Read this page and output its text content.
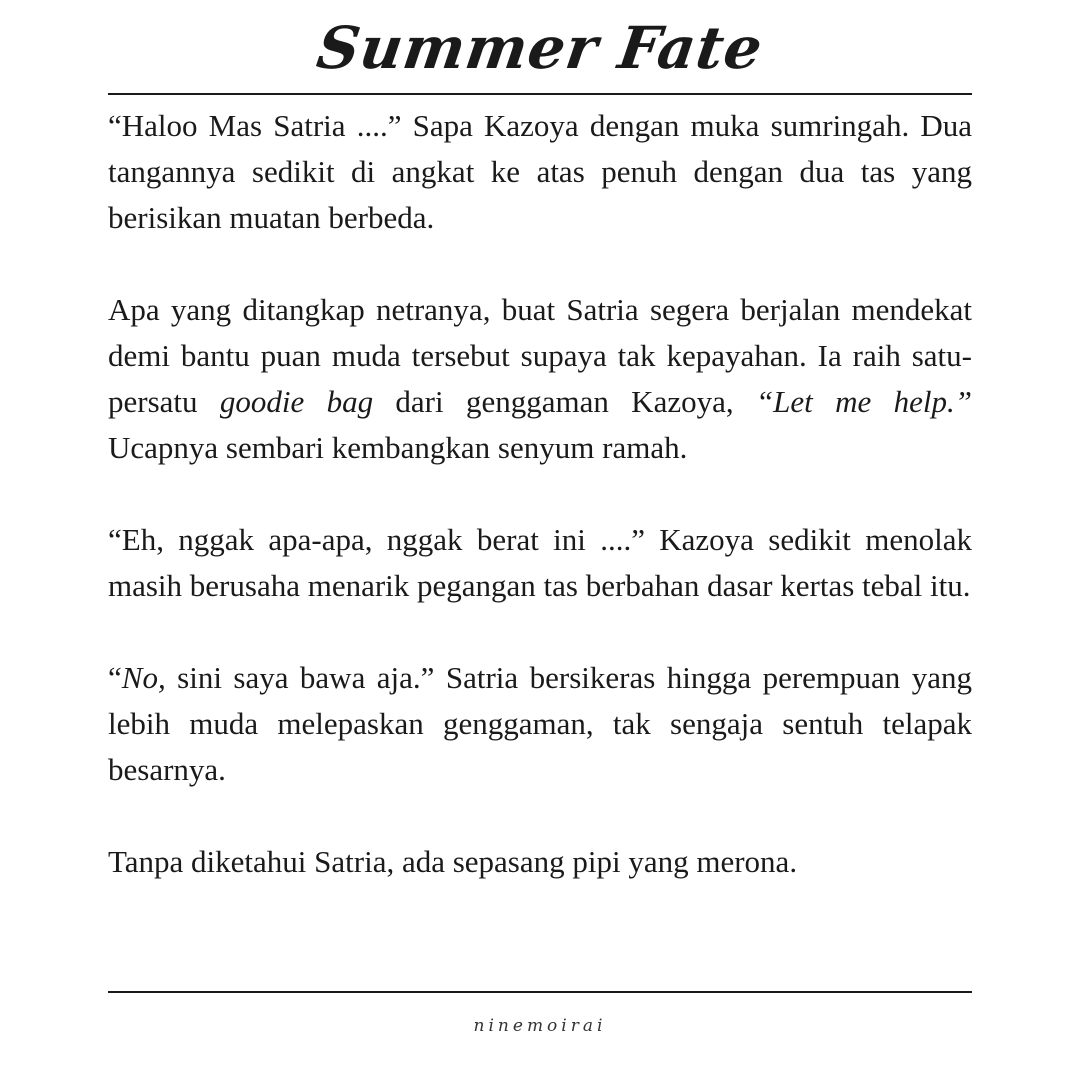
Summer Fate

“Haloo Mas Satria ....” Sapa Kazoya dengan muka sumringah. Dua tangannya sedikit di angkat ke atas penuh dengan dua tas yang berisikan muatan berbeda.

Apa yang ditangkap netranya, buat Satria segera berjalan mendekat demi bantu puan muda tersebut supaya tak kepayahan. Ia raih satu-persatu goodie bag dari genggaman Kazoya, “Let me help.” Ucapnya sembari kembangkan senyum ramah.

“Eh, nggak apa-apa, nggak berat ini ....” Kazoya sedikit menolak masih berusaha menarik pegangan tas berbahan dasar kertas tebal itu.

“No, sini saya bawa aja.” Satria bersikeras hingga perempuan yang lebih muda melepaskan genggaman, tak sengaja sentuh telapak besarnya.

Tanpa diketahui Satria, ada sepasang pipi yang merona.

ninemoirai
